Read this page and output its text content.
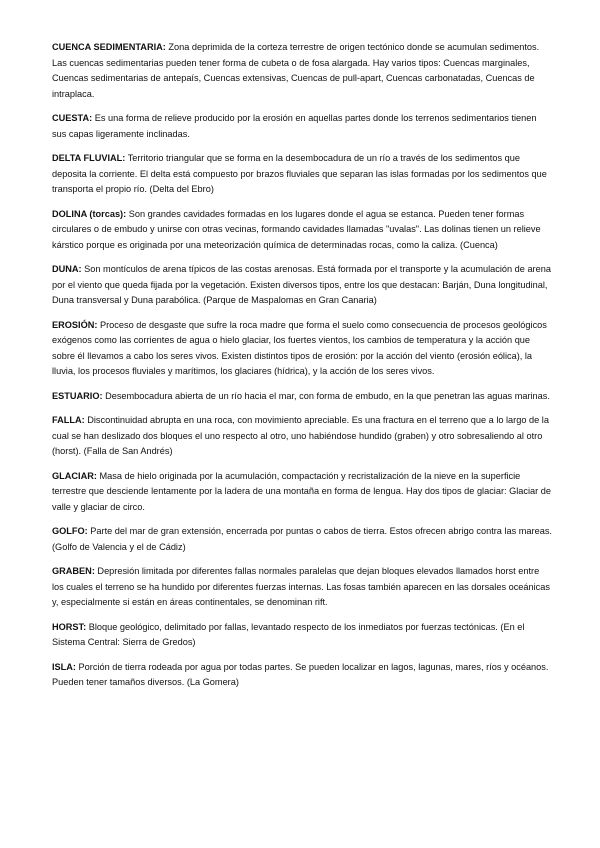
CUENCA SEDIMENTARIA: Zona deprimida de la corteza terrestre de origen tectónico donde se acumulan sedimentos. Las cuencas sedimentarias pueden tener forma de cubeta o de fosa alargada. Hay varios tipos: Cuencas marginales, Cuencas sedimentarias de antepaís, Cuencas extensivas, Cuencas de pull-apart, Cuencas carbonatadas, Cuencas de intraplaca.

CUESTA: Es una forma de relieve producido por la erosión en aquellas partes donde los terrenos sedimentarios tienen sus capas ligeramente inclinadas.

DELTA FLUVIAL: Territorio triangular que se forma en la desembocadura de un río a través de los sedimentos que deposita la corriente. El delta está compuesto por brazos fluviales que separan las islas formadas por los sedimentos que transporta el propio río. (Delta del Ebro)

DOLINA (torcas): Son grandes cavidades formadas en los lugares donde el agua se estanca. Pueden tener formas circulares o de embudo y unirse con otras vecinas, formando cavidades llamadas "uvalas". Las dolinas tienen un relieve kárstico porque es originada por una meteorización química de determinadas rocas, como la caliza. (Cuenca)

DUNA: Son montículos de arena típicos de las costas arenosas. Está formada por el transporte y la acumulación de arena por el viento que queda fijada por la vegetación. Existen diversos tipos, entre los que destacan: Barján, Duna longitudinal, Duna transversal y Duna parabólica. (Parque de Maspalomas en Gran Canaria)

EROSIÓN: Proceso de desgaste que sufre la roca madre que forma el suelo como consecuencia de procesos geológicos exógenos como las corrientes de agua o hielo glaciar, los fuertes vientos, los cambios de temperatura y la acción que sobre él llevamos a cabo los seres vivos. Existen distintos tipos de erosión: por la acción del viento (erosión eólica), la lluvia, los procesos fluviales y marítimos, los glaciares (hídrica), y la acción de los seres vivos.

ESTUARIO: Desembocadura abierta de un río hacia el mar, con forma de embudo, en la que penetran las aguas marinas.

FALLA: Discontinuidad abrupta en una roca, con movimiento apreciable. Es una fractura en el terreno que a lo largo de la cual se han deslizado dos bloques el uno respecto al otro, uno habiéndose hundido (graben) y otro sobresaliendo al otro (horst). (Falla de San Andrés)

GLACIAR: Masa de hielo originada por la acumulación, compactación y recristalización de la nieve en la superficie terrestre que desciende lentamente por la ladera de una montaña en forma de lengua. Hay dos tipos de glaciar: Glaciar de valle y glaciar de circo.

GOLFO: Parte del mar de gran extensión, encerrada por puntas o cabos de tierra. Estos ofrecen abrigo contra las mareas. (Golfo de Valencia y el de Cádiz)

GRABEN: Depresión limitada por diferentes fallas normales paralelas que dejan bloques elevados llamados horst entre los cuales el terreno se ha hundido por diferentes fuerzas internas. Las fosas también aparecen en las dorsales oceánicas y, especialmente si están en áreas continentales, se denominan rift.

HORST: Bloque geológico, delimitado por fallas, levantado respecto de los inmediatos por fuerzas tectónicas. (En el Sistema Central: Sierra de Gredos)

ISLA: Porción de tierra rodeada por agua por todas partes. Se pueden localizar en lagos, lagunas, mares, ríos y océanos. Pueden tener tamaños diversos. (La Gomera)
